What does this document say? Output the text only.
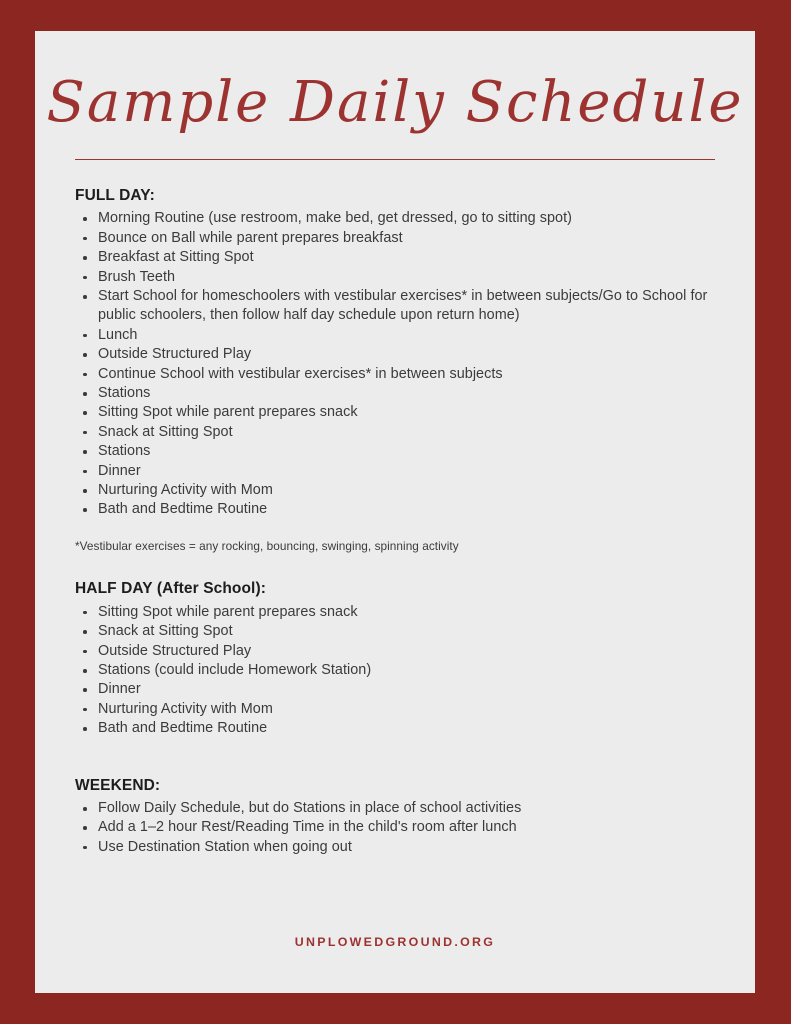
Sample Daily Schedule
FULL DAY:
Morning Routine (use restroom, make bed, get dressed, go to sitting spot)
Bounce on Ball while parent prepares breakfast
Breakfast at Sitting Spot
Brush Teeth
Start School for homeschoolers with vestibular exercises* in between subjects/Go to School for public schoolers, then follow half day schedule upon return home)
Lunch
Outside Structured Play
Continue School with vestibular exercises* in between subjects
Stations
Sitting Spot while parent prepares snack
Snack at Sitting Spot
Stations
Dinner
Nurturing Activity with Mom
Bath and Bedtime Routine
*Vestibular exercises = any rocking, bouncing, swinging, spinning activity
HALF DAY (After School):
Sitting Spot while parent prepares snack
Snack at Sitting Spot
Outside Structured Play
Stations (could include Homework Station)
Dinner
Nurturing Activity with Mom
Bath and Bedtime Routine
WEEKEND:
Follow Daily Schedule, but do Stations in place of school activities
Add a 1–2 hour Rest/Reading Time in the child's room after lunch
Use Destination Station when going out
UNPLOWEDGROUND.ORG
